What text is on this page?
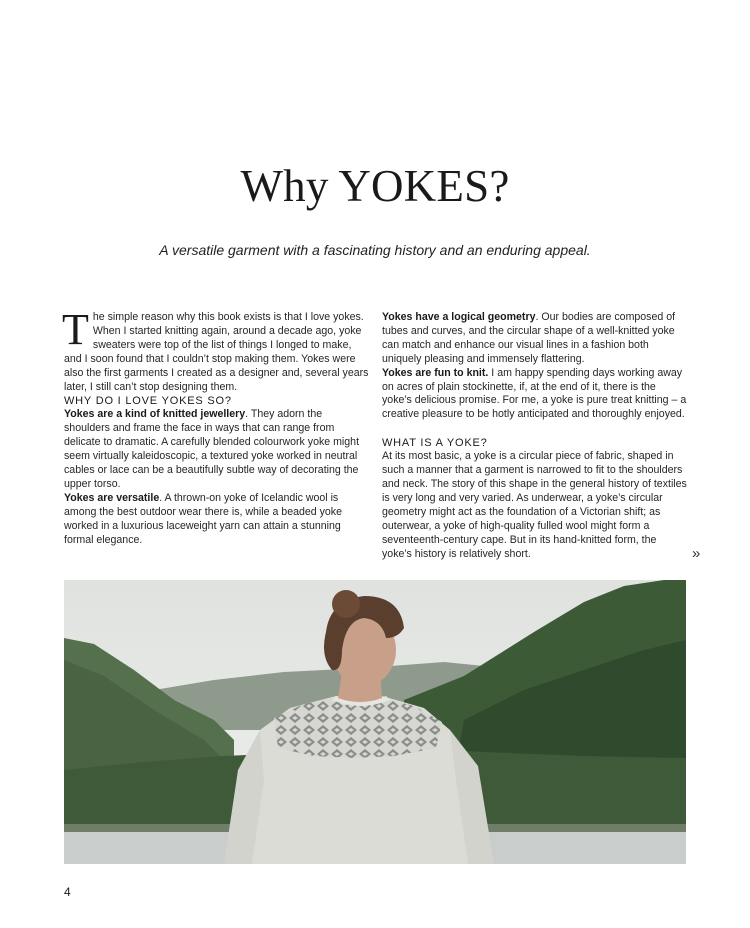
Why YOKES?
A versatile garment with a fascinating history and an enduring appeal.

The simple reason why this book exists is that I love yokes. When I started knitting again, around a decade ago, yoke sweaters were top of the list of things I longed to make, and I soon found that I couldn’t stop making them. Yokes were also the first garments I created as a designer and, several years later, I still can’t stop designing them.

WHY DO I LOVE YOKES SO?

Yokes are a kind of knitted jewellery. They adorn the shoulders and frame the face in ways that can range from delicate to dramatic. A carefully blended colourwork yoke might seem virtually kaleidoscopic, a textured yoke worked in neutral cables or lace can be a beautifully subtle way of decorating the upper torso.

Yokes are versatile. A thrown-on yoke of Icelandic wool is among the best outdoor wear there is, while a beaded yoke worked in a luxurious laceweight yarn can attain a stunning formal elegance.

Yokes have a logical geometry. Our bodies are composed of tubes and curves, and the circular shape of a well-knitted yoke can match and enhance our visual lines in a fashion both uniquely pleasing and immensely flattering.

Yokes are fun to knit. I am happy spending days working away on acres of plain stockinette, if, at the end of it, there is the yoke’s delicious promise. For me, a yoke is pure treat knitting – a creative pleasure to be hotly anticipated and thoroughly enjoyed.

WHAT IS A YOKE?

At its most basic, a yoke is a circular piece of fabric, shaped in such a manner that a garment is narrowed to fit to the shoulders and neck. The story of this shape in the general history of textiles is very long and very varied. As underwear, a yoke’s circular geometry might act as the foundation of a Victorian shift; as outerwear, a yoke of high-quality fulled wool might form a seventeenth-century cape. But in its hand-knitted form, the yoke’s history is relatively short.	»
4
